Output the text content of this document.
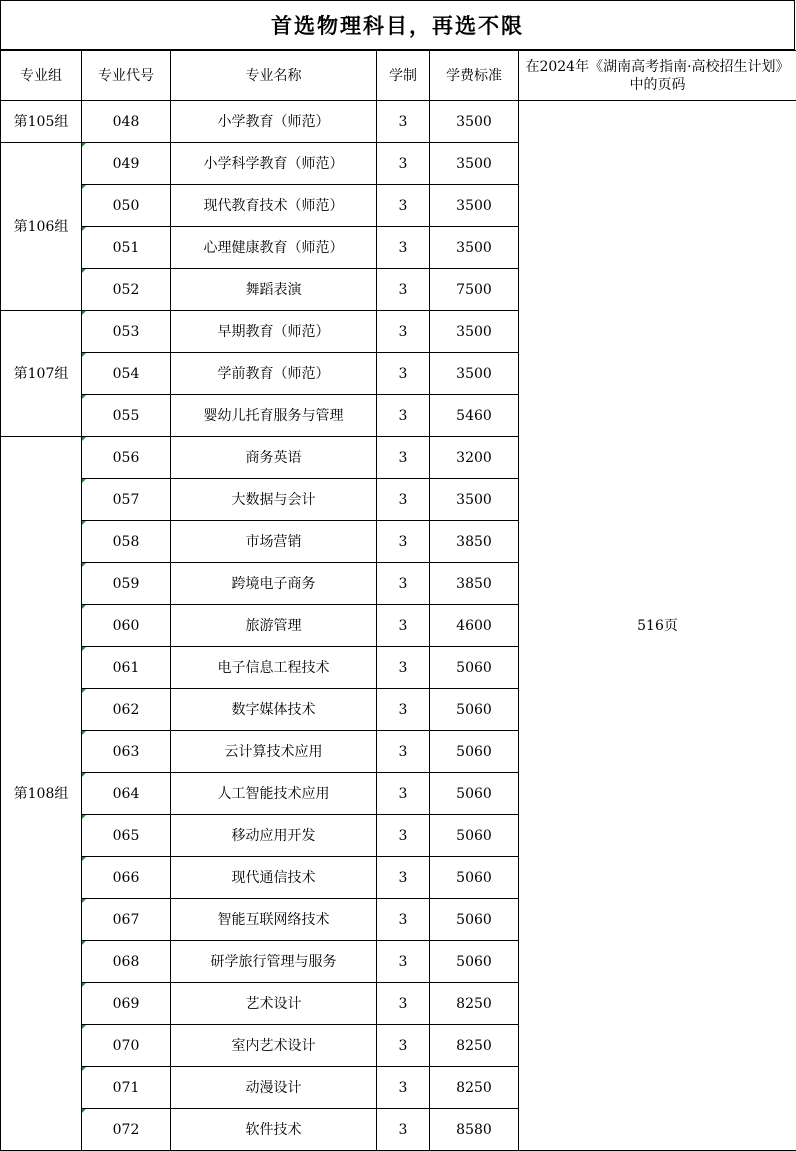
首选物理科目，再选不限
专业组	专业代号	专业名称	学制	学费标准	在2024年《湖南高考指南·高校招生计划》中的页码
第105组	048	小学教育（师范）	3	3500	516页
第106组	049	小学科学教育（师范）	3	3500	
	050	现代教育技术（师范）	3	3500	
	051	心理健康教育（师范）	3	3500	
	052	舞蹈表演	3	7500	
第107组	053	早期教育（师范）	3	3500	
	054	学前教育（师范）	3	3500	
	055	婴幼儿托育服务与管理	3	5460	
第108组	056	商务英语	3	3200	
	057	大数据与会计	3	3500	
	058	市场营销	3	3850	
	059	跨境电子商务	3	3850	
	060	旅游管理	3	4600	
	061	电子信息工程技术	3	5060	
	062	数字媒体技术	3	5060	
	063	云计算技术应用	3	5060	
	064	人工智能技术应用	3	5060	
	065	移动应用开发	3	5060	
	066	现代通信技术	3	5060	
	067	智能互联网络技术	3	5060	
	068	研学旅行管理与服务	3	5060	
	069	艺术设计	3	8250	
	070	室内艺术设计	3	8250	
	071	动漫设计	3	8250	
	072	软件技术	3	8580	
